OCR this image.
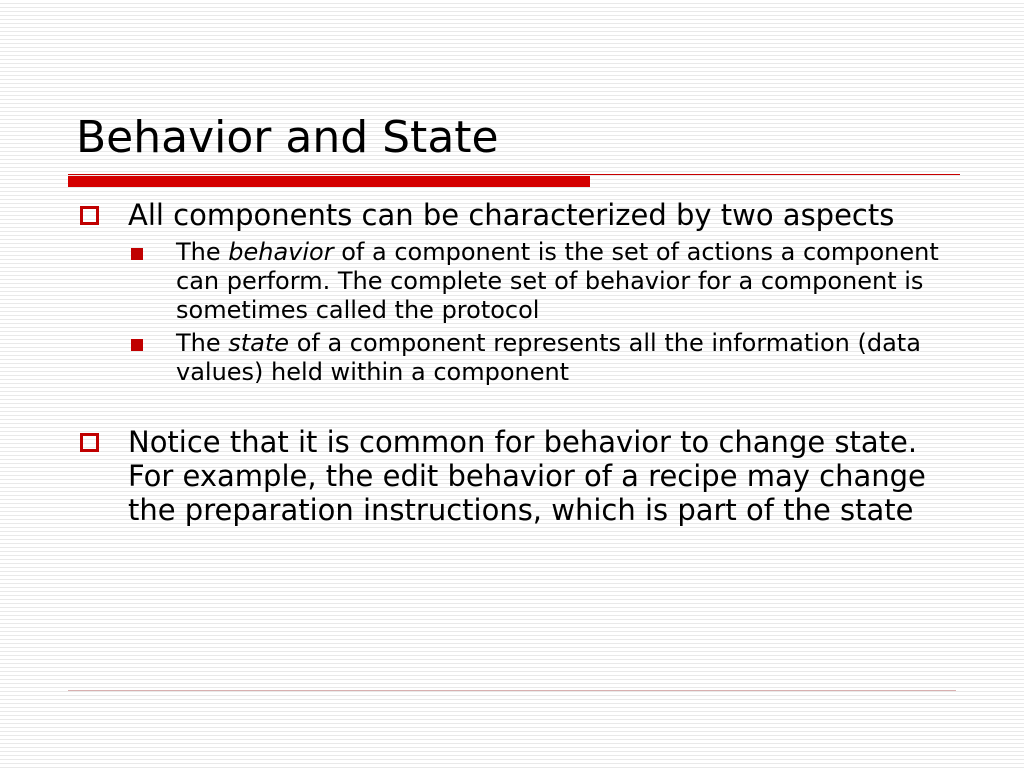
Behavior and State
All components can be characterized by two aspects
The behavior of a component is the set of actions a component can perform. The complete set of behavior for a component is sometimes called the protocol
The state of a component represents all the information (data values) held within a component
Notice that it is common for behavior to change state. For example, the edit behavior of a recipe may change the preparation instructions, which is part of the state
